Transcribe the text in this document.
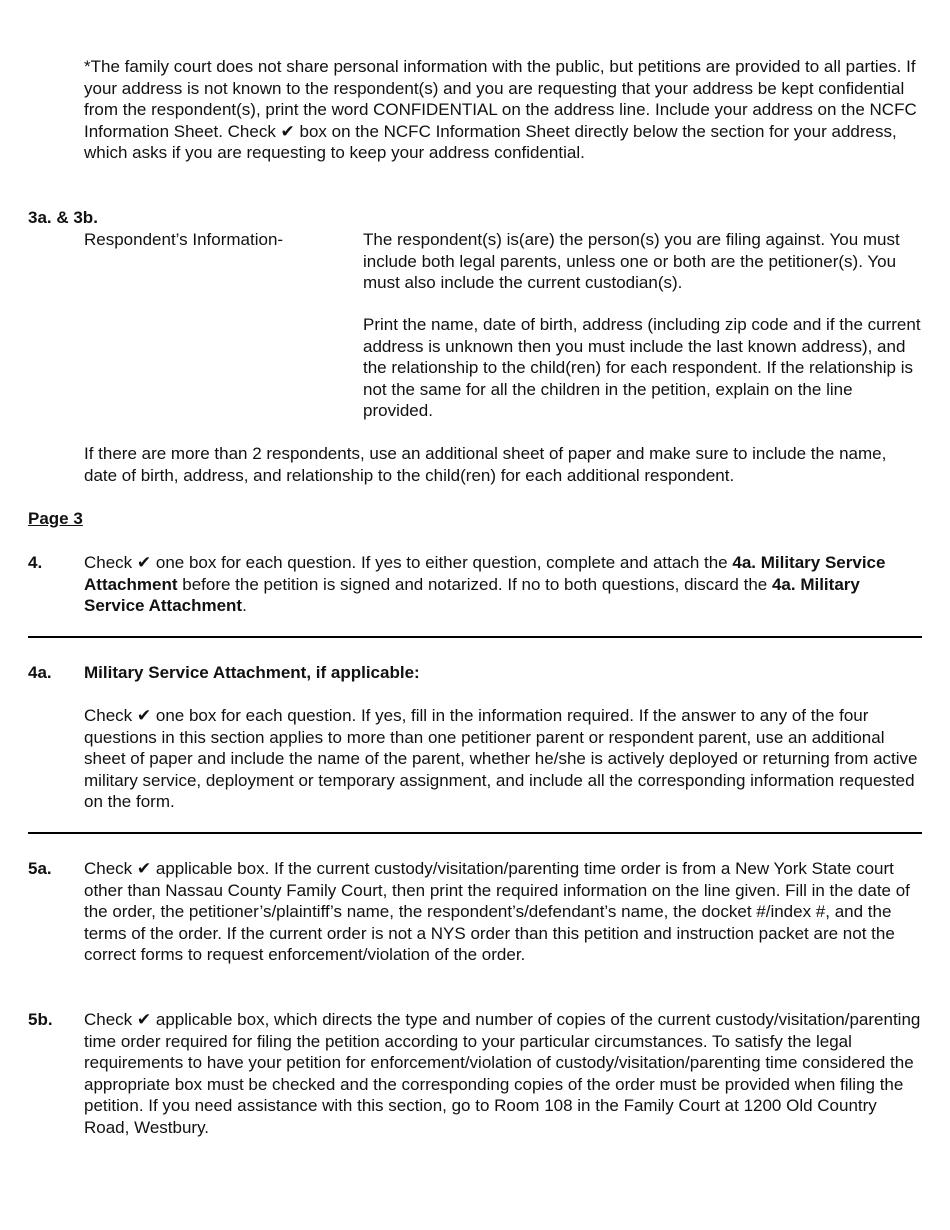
*The family court does not share personal information with the public, but petitions are provided to all parties. If your address is not known to the respondent(s) and you are requesting that your address be kept confidential from the respondent(s), print the word CONFIDENTIAL on the address line. Include your address on the NCFC Information Sheet. Check ✔ box on the NCFC Information Sheet directly below the section for your address, which asks if you are requesting to keep your address confidential.

3a. & 3b.
Respondent’s Information-	The respondent(s) is(are) the person(s) you are filing against. You must include both legal parents, unless one or both are the petitioner(s). You must also include the current custodian(s).

Print the name, date of birth, address (including zip code and if the current address is unknown then you must include the last known address), and the relationship to the child(ren) for each respondent. If the relationship is not the same for all the children in the petition, explain on the line provided.

If there are more than 2 respondents, use an additional sheet of paper and make sure to include the name, date of birth, address, and relationship to the child(ren) for each additional respondent.

Page 3
4. Check ✔ one box for each question. If yes to either question, complete and attach the 4a. Military Service Attachment before the petition is signed and notarized. If no to both questions, discard the 4a. Military Service Attachment.

4a. Military Service Attachment, if applicable:

Check ✔ one box for each question. If yes, fill in the information required. If the answer to any of the four questions in this section applies to more than one petitioner parent or respondent parent, use an additional sheet of paper and include the name of the parent, whether he/she is actively deployed or returning from active military service, deployment or temporary assignment, and include all the corresponding information requested on the form.

5a. Check ✔ applicable box. If the current custody/visitation/parenting time order is from a New York State court other than Nassau County Family Court, then print the required information on the line given. Fill in the date of the order, the petitioner’s/plaintiff’s name, the respondent’s/defendant’s name, the docket #/index #, and the terms of the order. If the current order is not a NYS order than this petition and instruction packet are not the correct forms to request enforcement/violation of the order.

5b. Check ✔ applicable box, which directs the type and number of copies of the current custody/visitation/parenting time order required for filing the petition according to your particular circumstances. To satisfy the legal requirements to have your petition for enforcement/violation of custody/visitation/parenting time considered the appropriate box must be checked and the corresponding copies of the order must be provided when filing the petition. If you need assistance with this section, go to Room 108 in the Family Court at 1200 Old Country Road, Westbury.
